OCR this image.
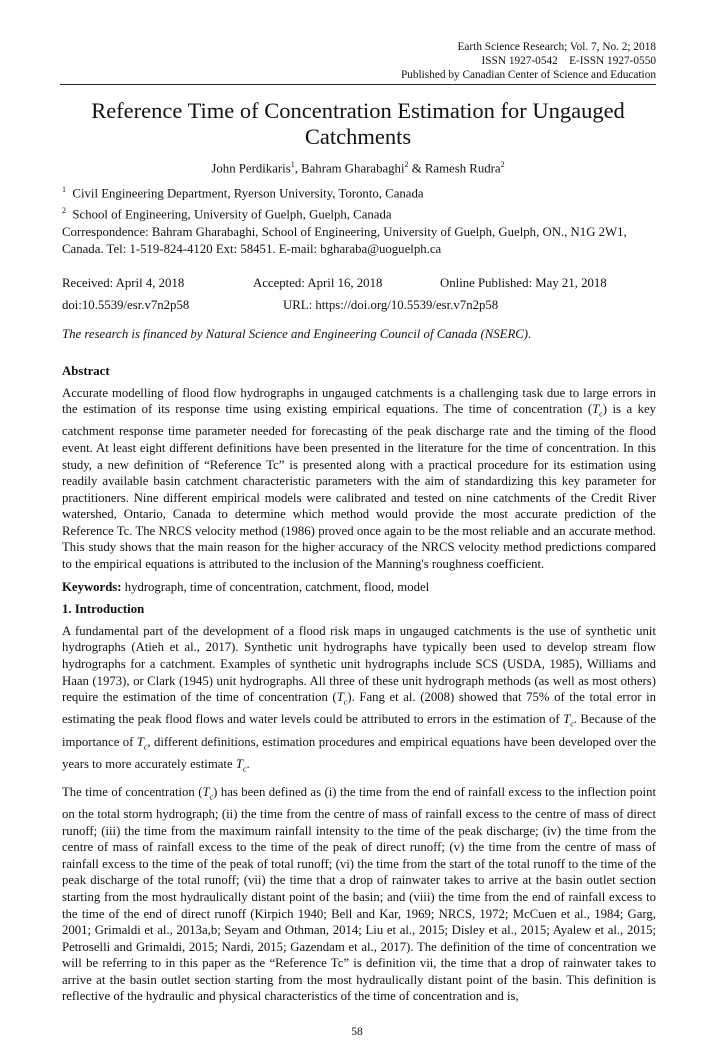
Earth Science Research; Vol. 7, No. 2; 2018
ISSN 1927-0542    E-ISSN 1927-0550
Published by Canadian Center of Science and Education
Reference Time of Concentration Estimation for Ungauged Catchments
John Perdikaris$^1$, Bahram Gharabaghi$^2$ & Ramesh Rudra$^2$
$^1$ Civil Engineering Department, Ryerson University, Toronto, Canada
$^2$ School of Engineering, University of Guelph, Guelph, Canada
Correspondence: Bahram Gharabaghi, School of Engineering, University of Guelph, Guelph, ON., N1G 2W1, Canada. Tel: 1-519-824-4120 Ext: 58451. E-mail: bgharaba@uoguelph.ca
Received: April 4, 2018	Accepted: April 16, 2018	Online Published: May 21, 2018
doi:10.5539/esr.v7n2p58	URL: https://doi.org/10.5539/esr.v7n2p58
The research is financed by Natural Science and Engineering Council of Canada (NSERC).
Abstract

Accurate modelling of flood flow hydrographs in ungauged catchments is a challenging task due to large errors in the estimation of its response time using existing empirical equations. The time of concentration $(T_c)$ is a key catchment response time parameter needed for forecasting of the peak discharge rate and the timing of the flood event. At least eight different definitions have been presented in the literature for the time of concentration. In this study, a new definition of “Reference Tc” is presented along with a practical procedure for its estimation using readily available basin catchment characteristic parameters with the aim of standardizing this key parameter for practitioners. Nine different empirical models were calibrated and tested on nine catchments of the Credit River watershed, Ontario, Canada to determine which method would provide the most accurate prediction of the Reference Tc. The NRCS velocity method (1986) proved once again to be the most reliable and an accurate method. This study shows that the main reason for the higher accuracy of the NRCS velocity method predictions compared to the empirical equations is attributed to the inclusion of the Manning's roughness coefficient.

Keywords: hydrograph, time of concentration, catchment, flood, model

1. Introduction

A fundamental part of the development of a flood risk maps in ungauged catchments is the use of synthetic unit hydrographs (Atieh et al., 2017). Synthetic unit hydrographs have typically been used to develop stream flow hydrographs for a catchment. Examples of synthetic unit hydrographs include SCS (USDA, 1985), Williams and Haan (1973), or Clark (1945) unit hydrographs. All three of these unit hydrograph methods (as well as most others) require the estimation of the time of concentration $(T_c)$. Fang et al. (2008) showed that 75% of the total error in estimating the peak flood flows and water levels could be attributed to errors in the estimation of $T_c$. Because of the importance of $T_c$, different definitions, estimation procedures and empirical equations have been developed over the years to more accurately estimate $T_c$.

The time of concentration $(T_c)$ has been defined as (i) the time from the end of rainfall excess to the inflection point on the total storm hydrograph; (ii) the time from the centre of mass of rainfall excess to the centre of mass of direct runoff; (iii) the time from the maximum rainfall intensity to the time of the peak discharge; (iv) the time from the centre of mass of rainfall excess to the time of the peak of direct runoff; (v) the time from the centre of mass of rainfall excess to the time of the peak of total runoff; (vi) the time from the start of the total runoff to the time of the peak discharge of the total runoff; (vii) the time that a drop of rainwater takes to arrive at the basin outlet section starting from the most hydraulically distant point of the basin; and (viii) the time from the end of rainfall excess to the time of the end of direct runoff (Kirpich 1940; Bell and Kar, 1969; NRCS, 1972; McCuen et al., 1984; Garg, 2001; Grimaldi et al., 2013a,b; Seyam and Othman, 2014; Liu et al., 2015; Disley et al., 2015; Ayalew et al., 2015; Petroselli and Grimaldi, 2015; Nardi, 2015; Gazendam et al., 2017). The definition of the time of concentration we will be referring to in this paper as the “Reference Tc” is definition vii, the time that a drop of rainwater takes to arrive at the basin outlet section starting from the most hydraulically distant point of the basin. This definition is reflective of the hydraulic and physical characteristics of the time of concentration and is,

58
